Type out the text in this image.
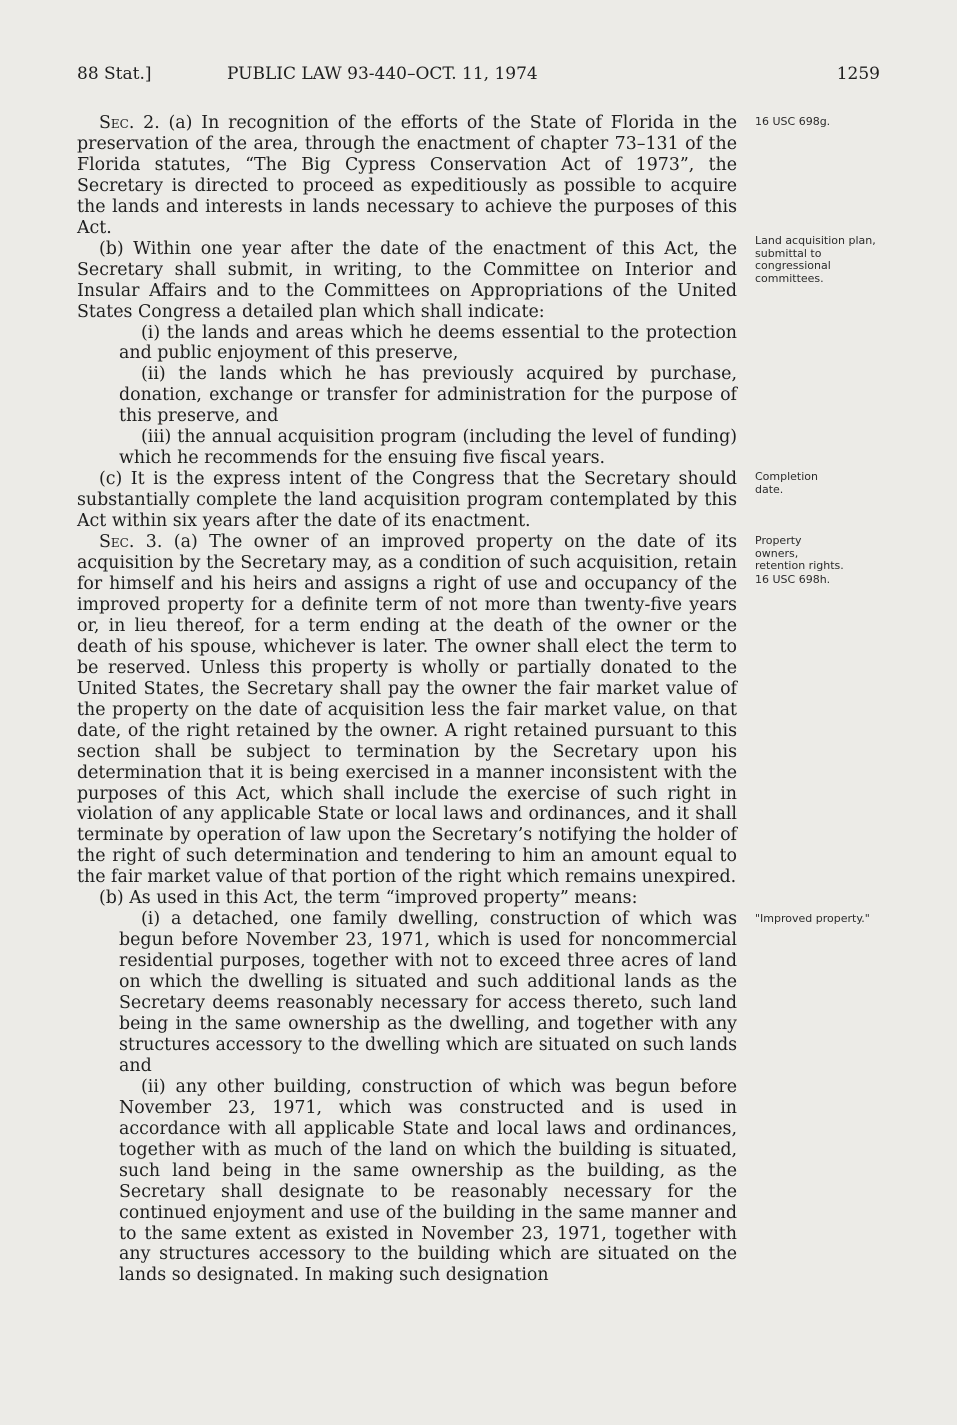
88 Stat.]	PUBLIC LAW 93-440–OCT. 11, 1974	1259

Sec. 2. (a) In recognition of the efforts of the State of Florida in the preservation of the area, through the enactment of chapter 73–131 of the Florida statutes, “The Big Cypress Conservation Act of 1973”, the Secretary is directed to proceed as expeditiously as possible to acquire the lands and interests in lands necessary to achieve the purposes of this Act.

(b) Within one year after the date of the enactment of this Act, the Secretary shall submit, in writing, to the Committee on Interior and Insular Affairs and to the Committees on Appropriations of the United States Congress a detailed plan which shall indicate:

(i) the lands and areas which he deems essential to the protection and public enjoyment of this preserve,

(ii) the lands which he has previously acquired by purchase, donation, exchange or transfer for administration for the purpose of this preserve, and

(iii) the annual acquisition program (including the level of funding) which he recommends for the ensuing five fiscal years.

(c) It is the express intent of the Congress that the Secretary should substantially complete the land acquisition program contemplated by this Act within six years after the date of its enactment.

Sec. 3. (a) The owner of an improved property on the date of its acquisition by the Secretary may, as a condition of such acquisition, retain for himself and his heirs and assigns a right of use and occupancy of the improved property for a definite term of not more than twenty-five years or, in lieu thereof, for a term ending at the death of the owner or the death of his spouse, whichever is later. The owner shall elect the term to be reserved. Unless this property is wholly or partially donated to the United States, the Secretary shall pay the owner the fair market value of the property on the date of acquisition less the fair market value, on that date, of the right retained by the owner. A right retained pursuant to this section shall be subject to termination by the Secretary upon his determination that it is being exercised in a manner inconsistent with the purposes of this Act, which shall include the exercise of such right in violation of any applicable State or local laws and ordinances, and it shall terminate by operation of law upon the Secretary’s notifying the holder of the right of such determination and tendering to him an amount equal to the fair market value of that portion of the right which remains unexpired.

(b) As used in this Act, the term “improved property” means:

(i) a detached, one family dwelling, construction of which was begun before November 23, 1971, which is used for noncommercial residential purposes, together with not to exceed three acres of land on which the dwelling is situated and such additional lands as the Secretary deems reasonably necessary for access thereto, such land being in the same ownership as the dwelling, and together with any structures accessory to the dwelling which are situated on such lands and

(ii) any other building, construction of which was begun before November 23, 1971, which was constructed and is used in accordance with all applicable State and local laws and ordinances, together with as much of the land on which the building is situated, such land being in the same ownership as the building, as the Secretary shall designate to be reasonably necessary for the continued enjoyment and use of the building in the same manner and to the same extent as existed in November 23, 1971, together with any structures accessory to the building which are situated on the lands so designated. In making such designation

16 USC 698g.
Land acquisition plan, submittal to congressional committees.
Completion date.
Property owners, retention rights.
16 USC 698h.
"Improved property."
